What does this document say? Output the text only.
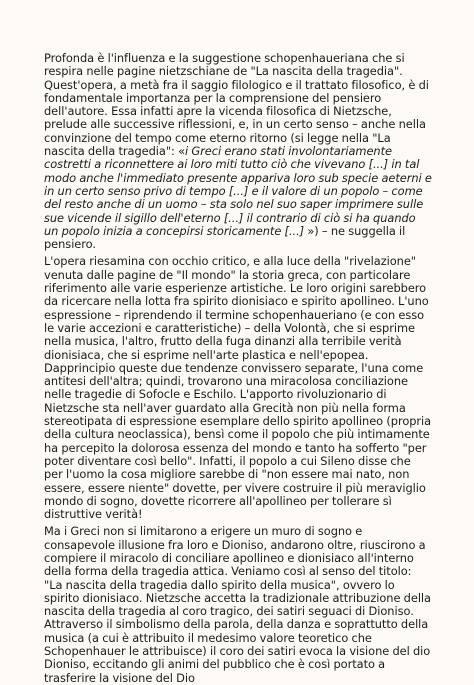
Profonda è l'influenza e la suggestione schopenhaueriana che si respira nelle pagine nietzschiane de "La nascita della tragedia". Quest'opera, a metà fra il saggio filologico e il trattato filosofico, è di fondamentale importanza per la comprensione del pensiero dell'autore. Essa infatti apre la vicenda filosofica di Nietzsche, prelude alle successive riflessioni, e, in un certo senso – anche nella convinzione del tempo come eterno ritorno (si legge nella "La nascita della tragedia": «i Greci erano stati involontariamente costretti a riconnettere ai loro miti tutto ciò che vivevano [...] in tal modo anche l'immediato presente appariva loro sub specie aeterni e in un certo senso privo di tempo [...] e il valore di un popolo – come del resto anche di un uomo – sta solo nel suo saper imprimere sulle sue vicende il sigillo dell'eterno [...] il contrario di ciò si ha quando un popolo inizia a concepirsi storicamente [...] ») – ne suggella il pensiero.

L'opera riesamina con occhio critico, e alla luce della "rivelazione" venuta dalle pagine de "Il mondo" la storia greca, con particolare riferimento alle varie esperienze artistiche. Le loro origini sarebbero da ricercare nella lotta fra spirito dionisiaco e spirito apollineo. L'uno espressione – riprendendo il termine schopenhaueriano (e con esso le varie accezioni e caratteristiche) – della Volontà, che si esprime nella musica, l'altro, frutto della fuga dinanzi alla terribile verità dionisiaca, che si esprime nell'arte plastica e nell'epopea. Dapprincipio queste due tendenze convissero separate, l'una come antitesi dell'altra; quindi, trovarono una miracolosa conciliazione nelle tragedie di Sofocle e Eschilo. L'apporto rivoluzionario di Nietzsche sta nell'aver guardato alla Grecità non più nella forma stereotipata di espressione esemplare dello spirito apollineo (propria della cultura neoclassica), bensì come il popolo che più intimamente ha percepito la dolorosa essenza del mondo e tanto ha sofferto "per poter diventare così bello". Infatti, il popolo a cui Sileno disse che per l'uomo la cosa migliore sarebbe di "non essere mai nato, non essere, essere niente" dovette, per vivere costruire il più meraviglio mondo di sogno, dovette ricorrere all'apollineo per tollerare sì distruttive verità!

Ma i Greci non si limitarono a erigere un muro di sogno e consapevole illusione fra loro e Dioniso, andarono oltre, riuscirono a compiere il miracolo di conciliare apollineo e dionisiaco all'interno della forma della tragedia attica. Veniamo così al senso del titolo: "La nascita della tragedia dallo spirito della musica", ovvero lo spirito dionisiaco. Nietzsche accetta la tradizionale attribuzione della nascita della tragedia al coro tragico, dei satiri seguaci di Dioniso. Attraverso il simbolismo della parola, della danza e soprattutto della musica (a cui è attribuito il medesimo valore teoretico che Schopenhauer le attribuisce) il coro dei satiri evoca la visione del dio Dioniso, eccitando gli animi del pubblico che è così portato a trasferire la visione del Dio
